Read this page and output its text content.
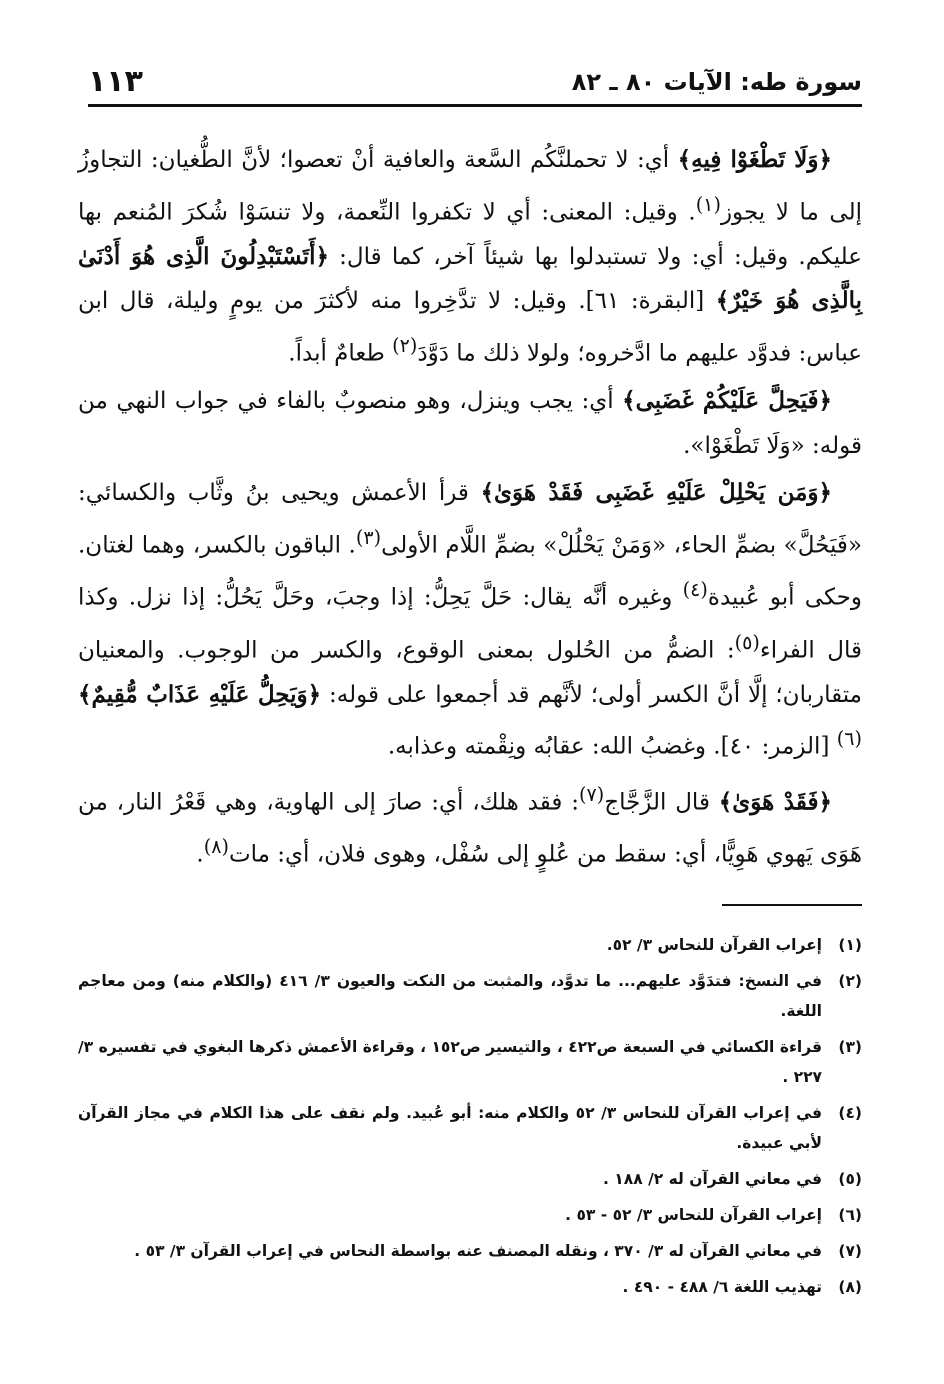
سورة طه: الآيات ٨٠ ـ ٨٢
١١٣

﴿وَلَا تَطْغَوْا فِيهِ﴾ أي: لا تحملنَّكُم السَّعة والعافية أنْ تعصوا؛ لأنَّ الطُّغيان: التجاوزُ إلى ما لا يجوز$^{(١)}$. وقيل: المعنى: أي لا تكفروا النِّعمة، ولا تنسَوْا شُكرَ المُنعم بها عليكم. وقيل: أي: ولا تستبدلوا بها شيئاً آخر، كما قال: ﴿أَتَسْتَبْدِلُونَ الَّذِى هُوَ أَدْنَىٰ بِالَّذِى هُوَ خَيْرٌ﴾ [البقرة: ٦١]. وقيل: لا تدَّخِروا منه لأكثرَ من يومٍ وليلة، قال ابن عباس: فدوَّد عليهم ما ادَّخروه؛ ولولا ذلك ما دَوَّدَ$^{(٢)}$ طعامٌ أبداً.

﴿فَيَحِلَّ عَلَيْكُمْ غَضَبِى﴾ أي: يجب وينزل، وهو منصوبٌ بالفاء في جواب النهي من قوله: «وَلَا تَطْغَوْا».

﴿وَمَن يَحْلِلْ عَلَيْهِ غَضَبِى فَقَدْ هَوَىٰ﴾ قرأ الأعمش ويحيى بنُ وثَّاب والكسائي: «فَيَحُلَّ» بضمِّ الحاء، «وَمَنْ يَحْلُلْ» بضمِّ اللَّام الأولى$^{(٣)}$. الباقون بالكسر، وهما لغتان. وحكى أبو عُبيدة$^{(٤)}$ وغيره أنَّه يقال: حَلَّ يَحِلُّ: إذا وجبَ، وحَلَّ يَحُلُّ: إذا نزل. وكذا قال الفراء$^{(٥)}$: الضمُّ من الحُلول بمعنى الوقوع، والكسر من الوجوب. والمعنيان متقاربان؛ إلَّا أنَّ الكسر أولى؛ لأنَّهم قد أجمعوا على قوله: ﴿وَيَحِلُّ عَلَيْهِ عَذَابٌ مُّقِيمٌ﴾$^{(٦)}$ [الزمر: ٤٠]. وغضبُ الله: عقابُه ونِقْمته وعذابه.

﴿فَقَدْ هَوَىٰ﴾ قال الزَّجَّاج$^{(٧)}$: فقد هلك، أي: صارَ إلى الهاوية، وهي قَعْرُ النار، من هَوَى يَهوي هَوِيًّا، أي: سقط من عُلوٍ إلى سُفْل، وهوى فلان، أي: مات$^{(٨)}$.

(١)
إعراب القرآن للنحاس ٣/ ٥٢.
(٢)
في النسخ: فتدَوَّد عليهم... ما تدوَّد، والمثبت من النكت والعيون ٣/ ٤١٦ (والكلام منه) ومن معاجم اللغة.
(٣)
قراءة الكسائي في السبعة ص٤٢٢ ، والتيسير ص١٥٢ ، وقراءة الأعمش ذكرها البغوي في تفسيره ٣/ ٢٢٧ .
(٤)
في إعراب القرآن للنحاس ٣/ ٥٢ والكلام منه: أبو عُبيد. ولم نقف على هذا الكلام في مجاز القرآن لأبي عبيدة.
(٥)
في معاني القرآن له ٢/ ١٨٨ .
(٦)
إعراب القرآن للنحاس ٣/ ٥٢ - ٥٣ .
(٧)
في معاني القرآن له ٣/ ٣٧٠ ، ونقله المصنف عنه بواسطة النحاس في إعراب القرآن ٣/ ٥٣ .
(٨)
تهذيب اللغة ٦/ ٤٨٨ - ٤٩٠ .
